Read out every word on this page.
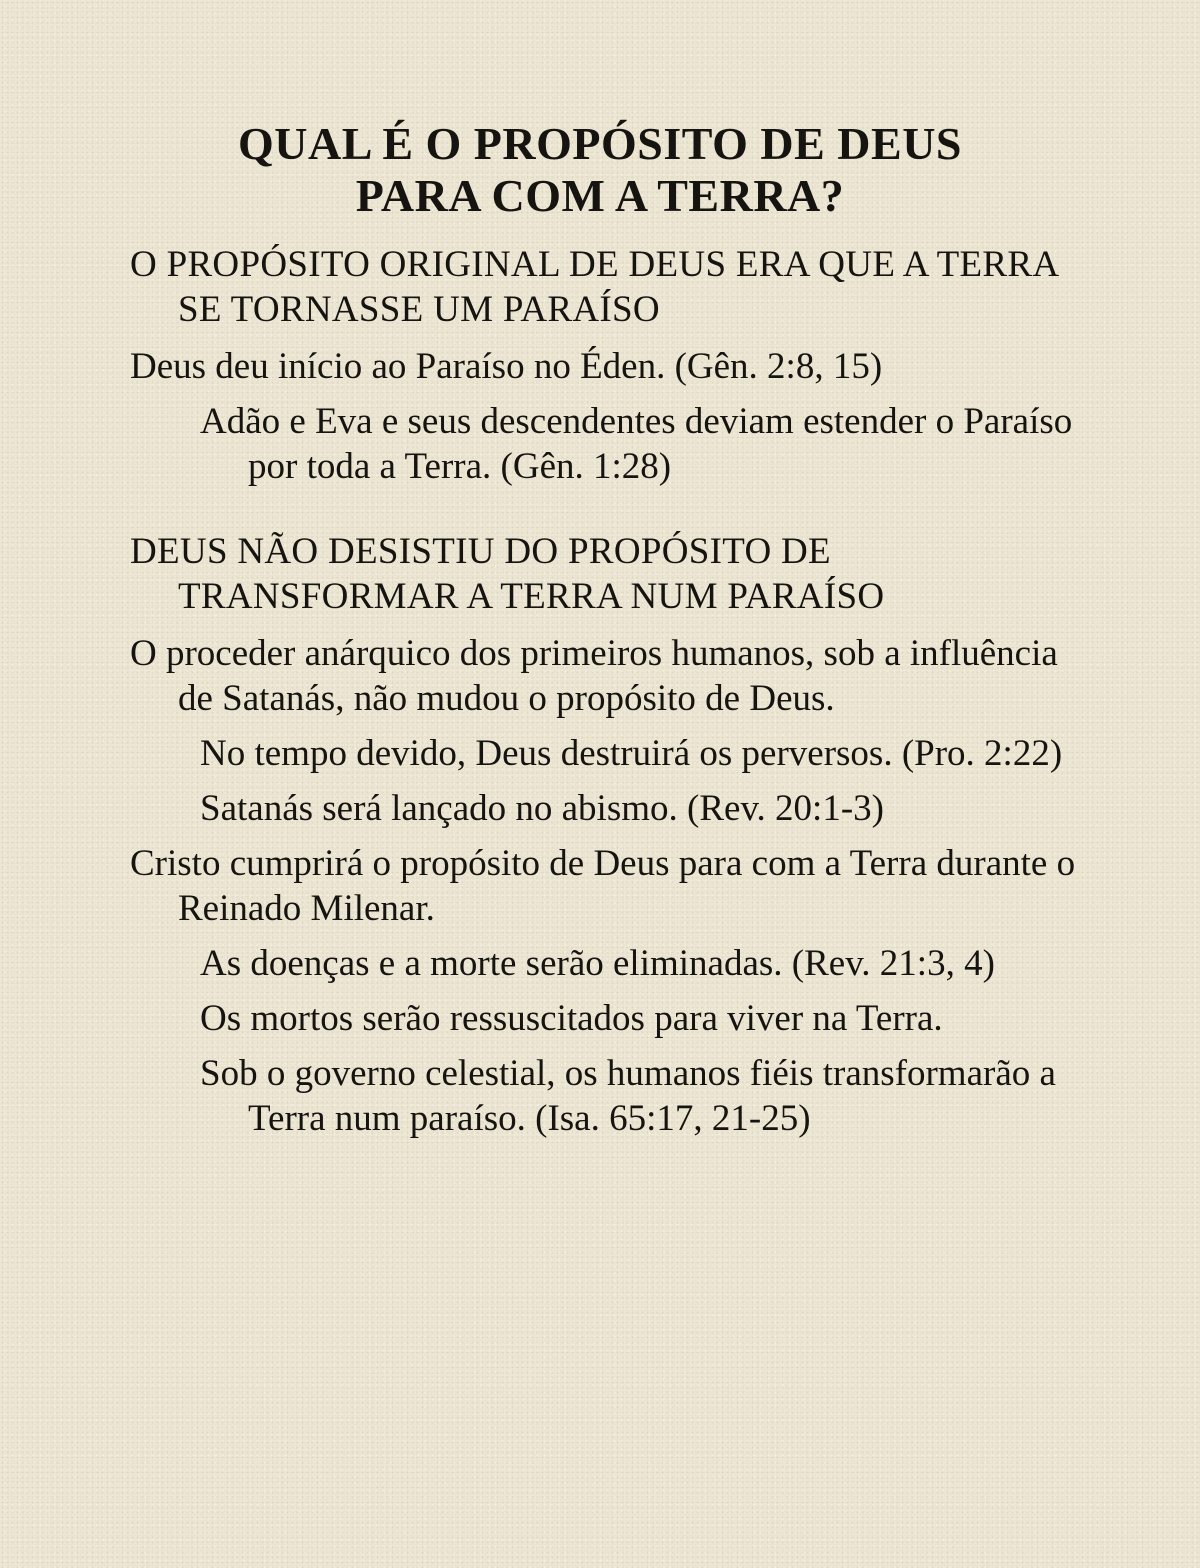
QUAL É O PROPÓSITO DE DEUS
PARA COM A TERRA?
O PROPÓSITO ORIGINAL DE DEUS ERA QUE A TERRA SE TORNASSE UM PARAÍSO

Deus deu início ao Paraíso no Éden. (Gên. 2:8, 15)

Adão e Eva e seus descendentes deviam estender o Paraíso por toda a Terra. (Gên. 1:28)

DEUS NÃO DESISTIU DO PROPÓSITO DE TRANSFORMAR A TERRA NUM PARAÍSO

O proceder anárquico dos primeiros humanos, sob a influência de Satanás, não mudou o propósito de Deus.

No tempo devido, Deus destruirá os perversos. (Pro. 2:22)

Satanás será lançado no abismo. (Rev. 20:1-3)

Cristo cumprirá o propósito de Deus para com a Terra durante o Reinado Milenar.

As doenças e a morte serão eliminadas. (Rev. 21:3, 4)

Os mortos serão ressuscitados para viver na Terra.

Sob o governo celestial, os humanos fiéis transformarão a Terra num paraíso. (Isa. 65:17, 21-25)
